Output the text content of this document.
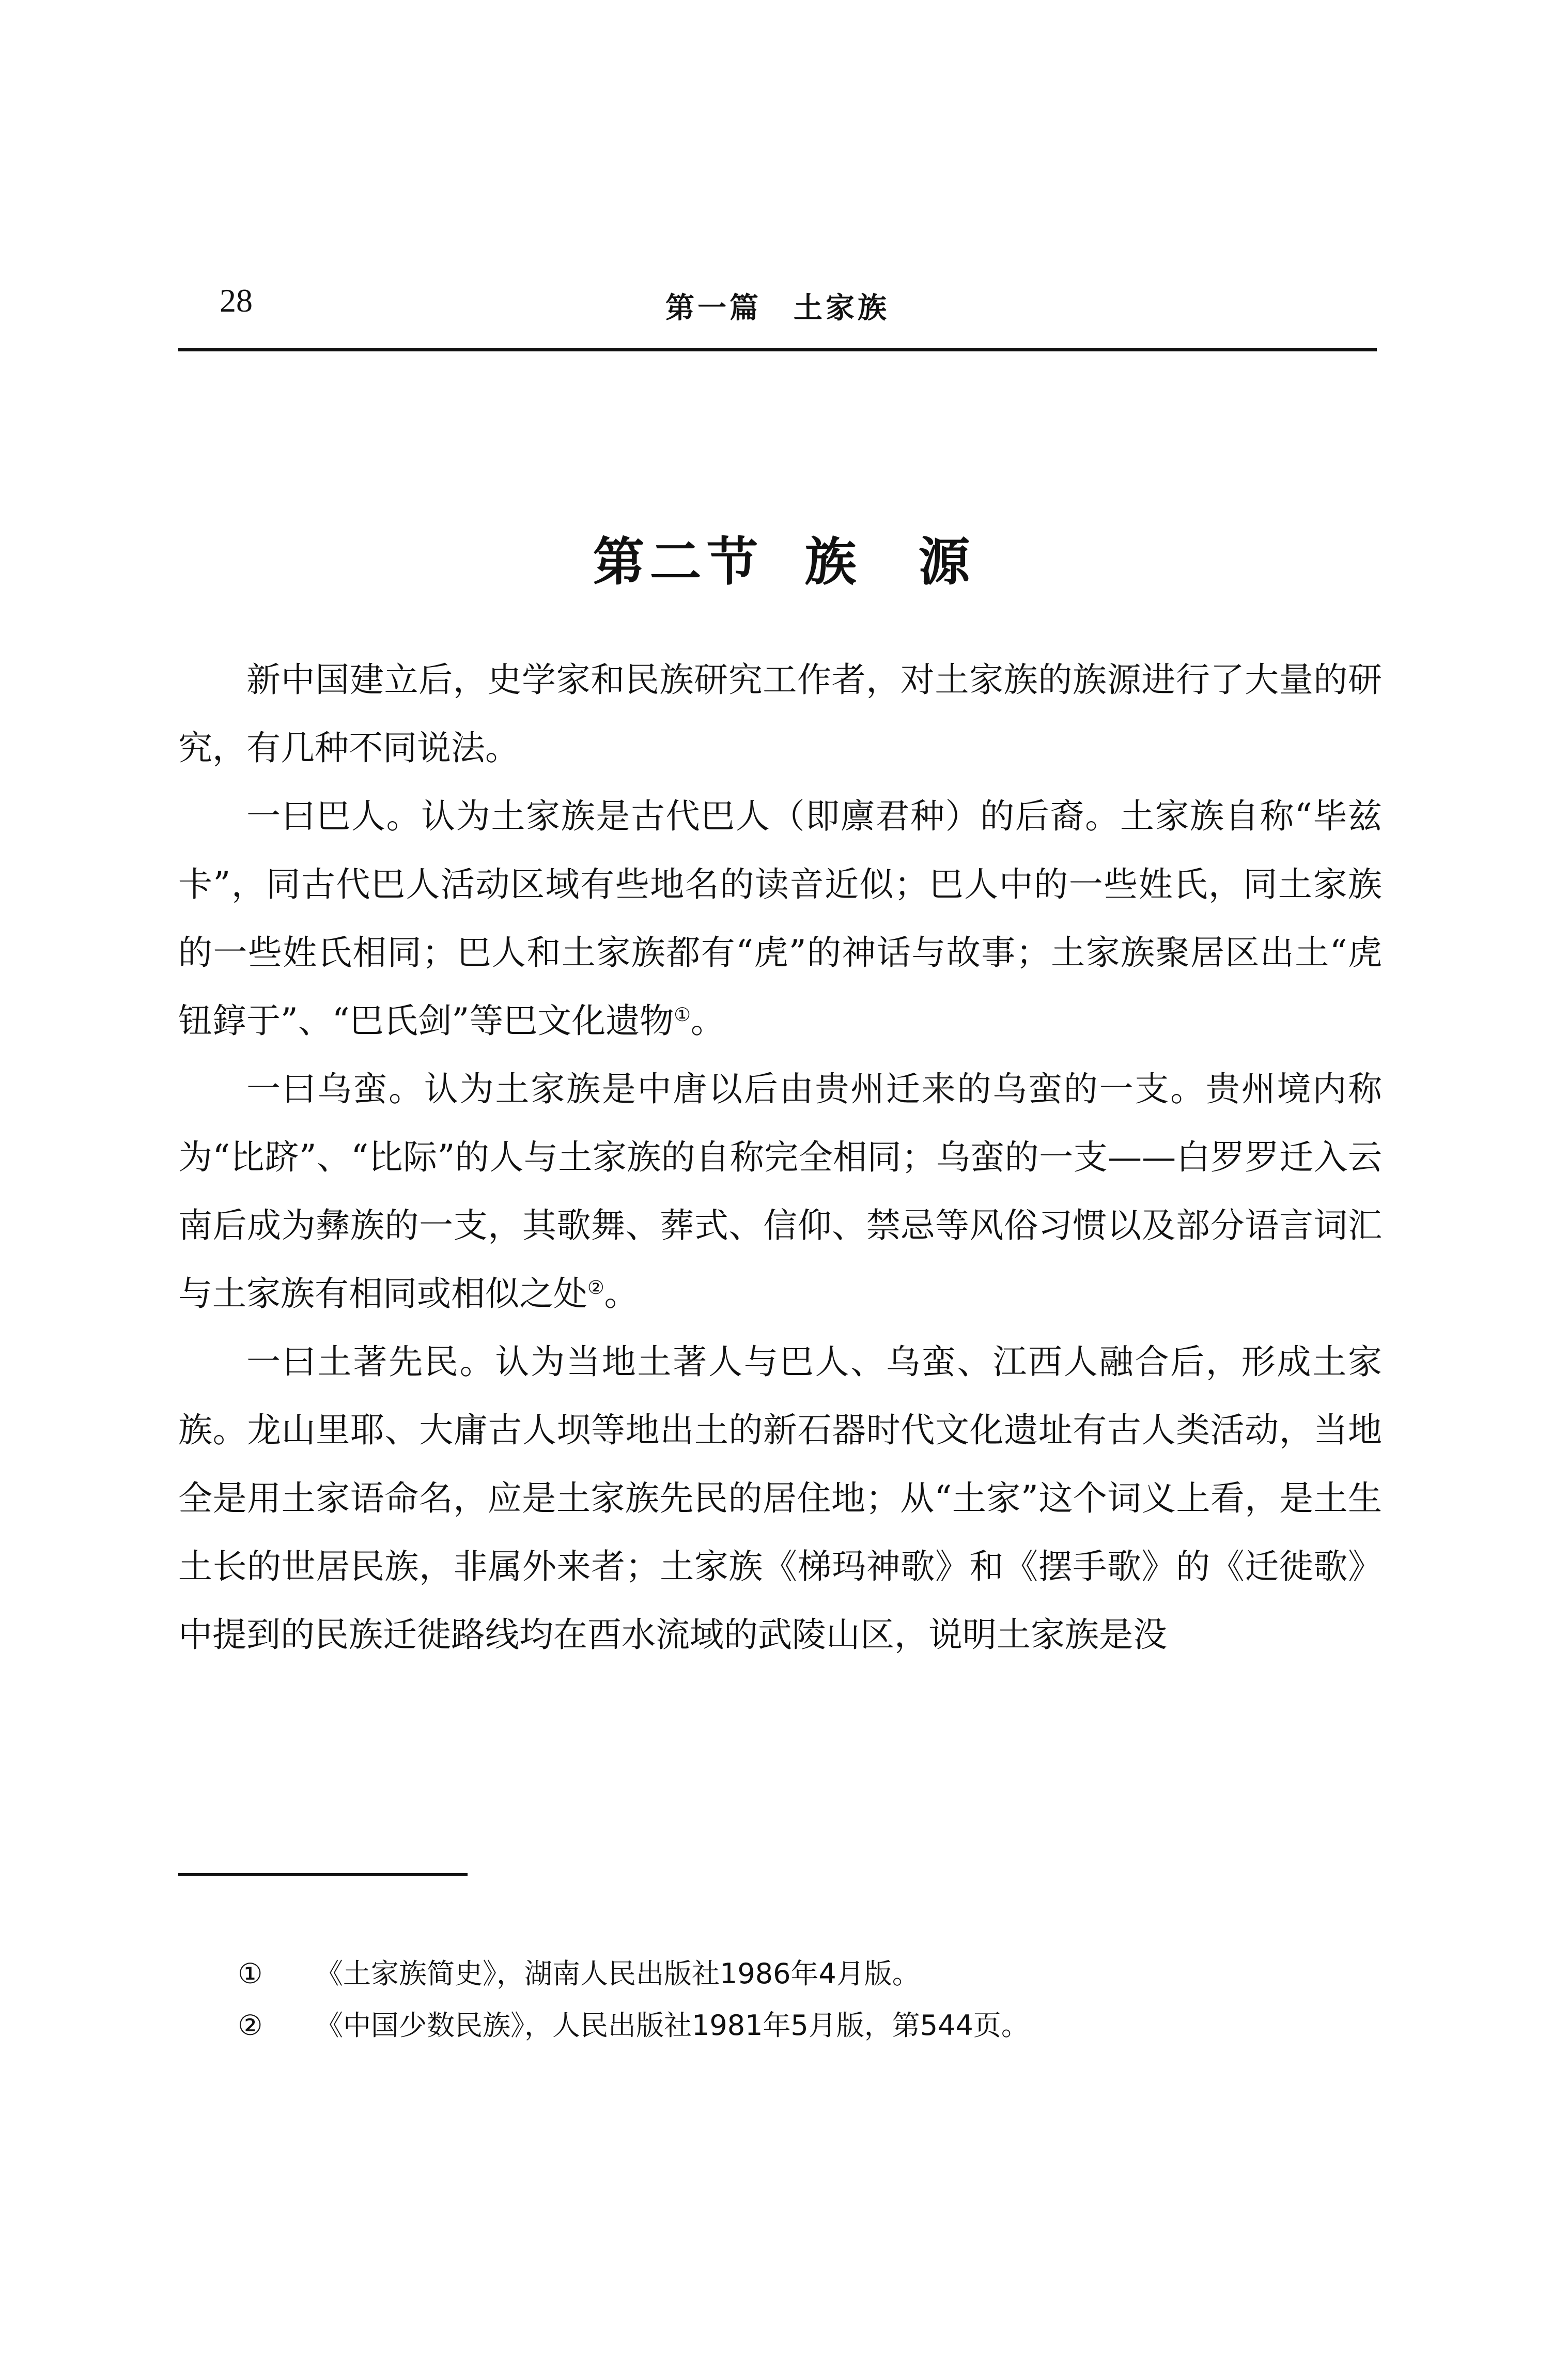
28	第一篇　土家族
第二节 族　源

新中国建立后，史学家和民族研究工作者，对土家族的族源进行了大量的研究，有几种不同说法。

一曰巴人。认为土家族是古代巴人（即廪君种）的后裔。土家族自称“毕兹卡”，同古代巴人活动区域有些地名的读音近似；巴人中的一些姓氏，同土家族的一些姓氏相同；巴人和土家族都有“虎”的神话与故事；土家族聚居区出土“虎钮錞于”、“巴氏剑”等巴文化遗物①。

一曰乌蛮。认为土家族是中唐以后由贵州迁来的乌蛮的一支。贵州境内称为“比跻”、“比际”的人与土家族的自称完全相同；乌蛮的一支——白罗罗迁入云南后成为彝族的一支，其歌舞、葬式、信仰、禁忌等风俗习惯以及部分语言词汇与土家族有相同或相似之处②。

一曰土著先民。认为当地土著人与巴人、乌蛮、江西人融合后，形成土家族。龙山里耶、大庸古人坝等地出土的新石器时代文化遗址有古人类活动，当地全是用土家语命名，应是土家族先民的居住地；从“土家”这个词义上看，是土生土长的世居民族，非属外来者；土家族《梯玛神歌》和《摆手歌》的《迁徙歌》中提到的民族迁徙路线均在酉水流域的武陵山区，说明土家族是没

① 《土家族简史》，湖南人民出版社1986年4月版。
② 《中国少数民族》，人民出版社1981年5月版，第544页。
